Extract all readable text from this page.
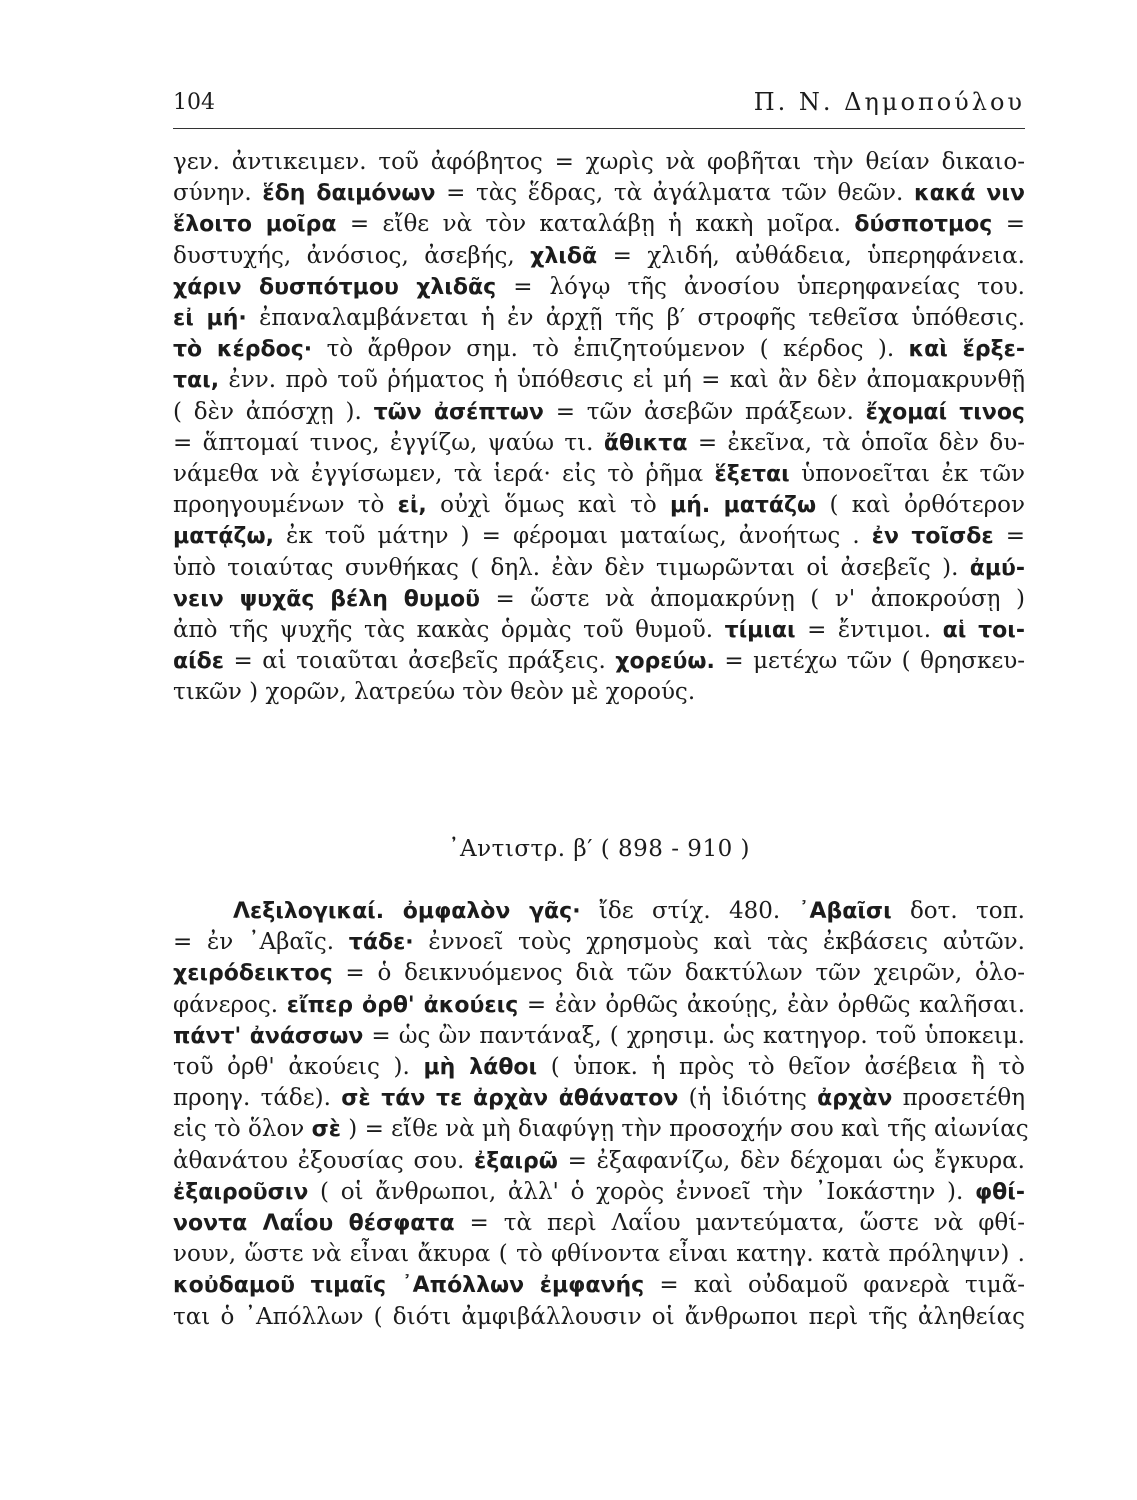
104	Π. Ν. Δημοπούλου
γεν. ἀντικειμεν. τοῦ ἀφόβητος = χωρὶς νὰ φοβῆται τὴν θείαν δικαιο-
σύνην. ἕδη δαιμόνων = τὰς ἕδρας, τὰ ἀγάλματα τῶν θεῶν. κακά νιν
ἕλοιτο μοῖρα = εἴθε νὰ τὸν καταλάβῃ ἡ κακὴ μοῖρα. δύσποτμος =
δυστυχής, ἀνόσιος, ἀσεβής, χλιδᾶ = χλιδή, αὐθάδεια, ὑπερηφάνεια.
χάριν δυσπότμου χλιδᾶς = λόγῳ τῆς ἀνοσίου ὑπερηφανείας του.
εἰ μή· ἐπαναλαμβάνεται ἡ ἐν ἀρχῇ τῆς β′ στροφῆς τεθεῖσα ὑπόθεσις.
τὸ κέρδος· τὸ ἄρθρον σημ. τὸ ἐπιζητούμενον ( κέρδος ). καὶ ἕρξε-
ται, ἐνν. πρὸ τοῦ ῥήματος ἡ ὑπόθεσις εἰ μή = καὶ ἂν δὲν ἀπομακρυνθῇ
( δὲν ἀπόσχῃ ). τῶν ἀσέπτων = τῶν ἀσεβῶν πράξεων. ἔχομαί τινος
= ἅπτομαί τινος, ἐγγίζω, ψαύω τι. ἄθικτα = ἐκεῖνα, τὰ ὁποῖα δὲν δυ-
νάμεθα νὰ ἐγγίσωμεν, τὰ ἱερά· εἰς τὸ ῥῆμα ἕξεται ὑπονοεῖται ἐκ τῶν
προηγουμένων τὸ εἰ, οὐχὶ ὅμως καὶ τὸ μή. ματάζω ( καὶ ὀρθότερον
ματᾴζω, ἐκ τοῦ μάτην ) = φέρομαι ματαίως, ἀνοήτως . ἐν τοῖσδε =
ὑπὸ τοιαύτας συνθήκας ( δηλ. ἐὰν δὲν τιμωρῶνται οἱ ἀσεβεῖς ). ἀμύ-
νειν ψυχᾶς βέλη θυμοῦ = ὥστε νὰ ἀπομακρύνῃ ( ν' ἀποκρούσῃ )
ἀπὸ τῆς ψυχῆς τὰς κακὰς ὁρμὰς τοῦ θυμοῦ. τίμιαι = ἔντιμοι. αἱ τοι-
αίδε = αἱ τοιαῦται ἀσεβεῖς πράξεις. χορεύω. = μετέχω τῶν ( θρησκευ-
τικῶν ) χορῶν, λατρεύω τὸν θεὸν μὲ χορούς.
᾽Αντιστρ. β′ ( 898 - 910 )
Λεξιλογικαί. ὀμφαλὸν γᾶς· ἴδε στίχ. 480. ᾽Αβαῖσι δοτ. τοπ.
= ἐν ᾽Αβαῖς. τάδε· ἐννοεῖ τοὺς χρησμοὺς καὶ τὰς ἐκβάσεις αὐτῶν.
χειρόδεικτος = ὁ δεικνυόμενος διὰ τῶν δακτύλων τῶν χειρῶν, ὁλο-
φάνερος. εἴπερ ὀρθ' ἀκούεις = ἐὰν ὀρθῶς ἀκούῃς, ἐὰν ὀρθῶς καλῆσαι.
πάντ' ἀνάσσων = ὡς ὢν παντάναξ, ( χρησιμ. ὡς κατηγορ. τοῦ ὑποκειμ.
τοῦ ὀρθ' ἀκούεις ). μὴ λάθοι ( ὑποκ. ἡ πρὸς τὸ θεῖον ἀσέβεια ἢ τὸ
προηγ. τάδε). σὲ τάν τε ἀρχὰν ἀθάνατον (ἡ ἰδιότης ἀρχὰν προσετέθη
εἰς τὸ ὅλον σὲ ) = εἴθε νὰ μὴ διαφύγῃ τὴν προσοχήν σου καὶ τῆς αἰωνίας
ἀθανάτου ἐξουσίας σου. ἐξαιρῶ = ἐξαφανίζω, δὲν δέχομαι ὡς ἔγκυρα.
ἐξαιροῦσιν ( οἱ ἄνθρωποι, ἀλλ' ὁ χορὸς ἐννοεῖ τὴν ᾽Ιοκάστην ). φθί-
νοντα Λαΐου θέσφατα = τὰ περὶ Λαΐου μαντεύματα, ὥστε νὰ φθί-
νουν, ὥστε νὰ εἶναι ἄκυρα ( τὸ φθίνοντα εἶναι κατηγ. κατὰ πρόληψιν) .
κοὐδαμοῦ τιμαῖς ᾽Απόλλων ἐμφανής = καὶ οὐδαμοῦ φανερὰ τιμᾶ-
ται ὁ ᾽Απόλλων ( διότι ἀμφιβάλλουσιν οἱ ἄνθρωποι περὶ τῆς ἀληθείας
